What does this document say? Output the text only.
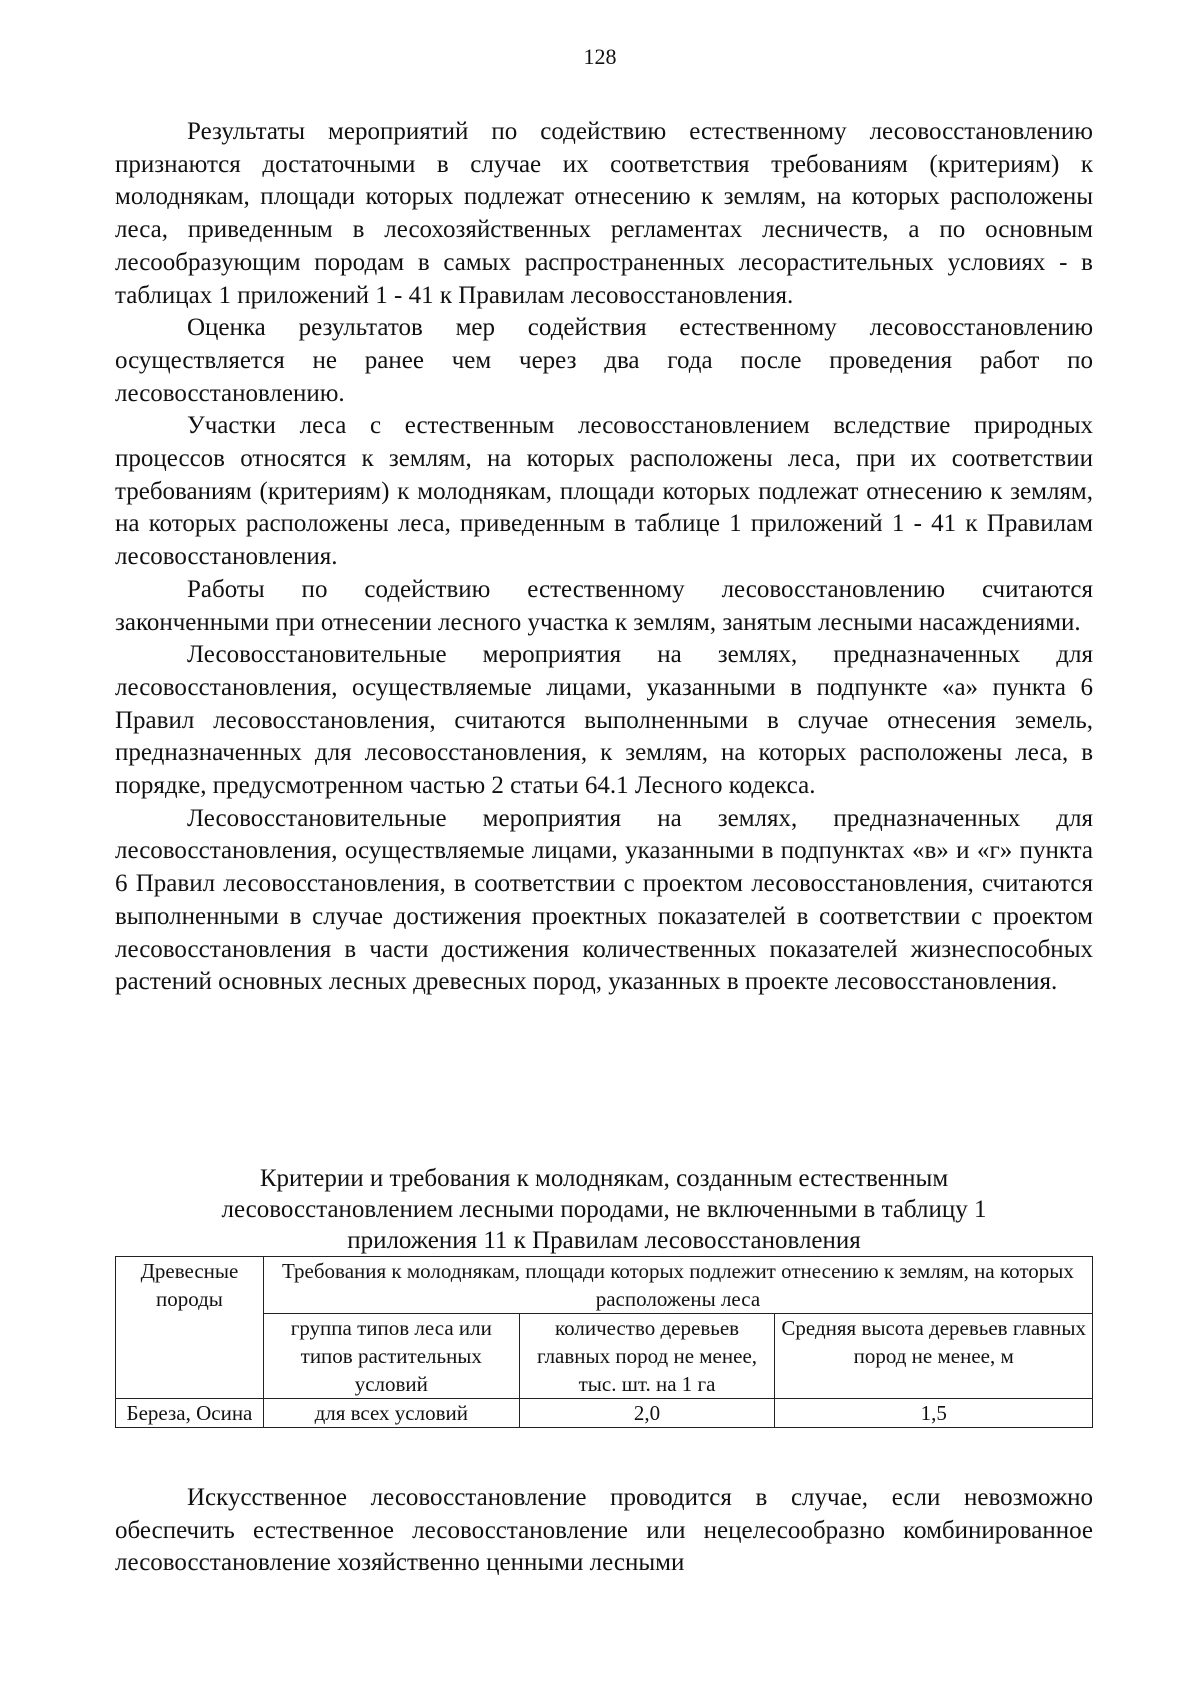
128

Результаты мероприятий по содействию естественному лесовосстановлению признаются достаточными в случае их соответствия требованиям (критериям) к молоднякам, площади которых подлежат отнесению к землям, на которых расположены леса, приведенным в лесохозяйственных регламентах лесничеств, а по основным лесообразующим породам в самых распространенных лесорастительных условиях - в таблицах 1 приложений 1 - 41 к Правилам лесовосстановления.

Оценка результатов мер содействия естественному лесовосстановлению осуществляется не ранее чем через два года после проведения работ по лесовосстановлению.

Участки леса с естественным лесовосстановлением вследствие природных процессов относятся к землям, на которых расположены леса, при их соответствии требованиям (критериям) к молоднякам, площади которых подлежат отнесению к землям, на которых расположены леса, приведенным в таблице 1 приложений 1 - 41 к Правилам лесовосстановления.

Работы по содействию естественному лесовосстановлению считаются законченными при отнесении лесного участка к землям, занятым лесными насаждениями.

Лесовосстановительные мероприятия на землях, предназначенных для лесовосстановления, осуществляемые лицами, указанными в подпункте «а» пункта 6 Правил лесовосстановления, считаются выполненными в случае отнесения земель, предназначенных для лесовосстановления, к землям, на которых расположены леса, в порядке, предусмотренном частью 2 статьи 64.1 Лесного кодекса.

Лесовосстановительные мероприятия на землях, предназначенных для лесовосстановления, осуществляемые лицами, указанными в подпунктах «в» и «г» пункта 6 Правил лесовосстановления, в соответствии с проектом лесовосстановления, считаются выполненными в случае достижения проектных показателей в соответствии с проектом лесовосстановления в части достижения количественных показателей жизнеспособных растений основных лесных древесных пород, указанных в проекте лесовосстановления.

Критерии и требования к молоднякам, созданным естественным

лесовосстановлением лесными породами, не включенными в таблицу 1

приложения 11 к Правилам лесовосстановления

Древесные породы	Требования к молоднякам, площади которых подлежит отнесению к землям, на которых расположены леса		
	группа типов леса или типов растительных условий	количество деревьев главных пород не менее, тыс. шт. на 1 га	Средняя высота деревьев главных пород не менее, м
Береза, Осина	для всех условий	2,0	1,5

Искусственное лесовосстановление проводится в случае, если невозможно обеспечить естественное лесовосстановление или нецелесообразно комбинированное лесовосстановление хозяйственно ценными лесными
